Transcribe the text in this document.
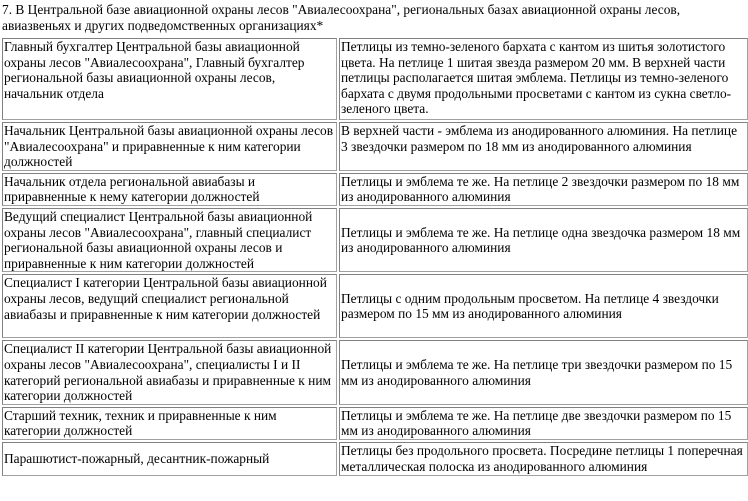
7. В Центральной базе авиационной охраны лесов "Авиалесоохрана", региональных базах авиационной охраны лесов, авиазвеньях и других подведомственных организациях*
Главный бухгалтер Центральной базы авиационной охраны лесов "Авиалесоохрана", Главный бухгалтер региональной базы авиационной охраны лесов, начальник отдела	Петлицы из темно-зеленого бархата с кантом из шитья золотистого цвета. На петлице 1 шитая звезда размером 20 мм. В верхней части петлицы располагается шитая эмблема. Петлицы из темно-зеленого бархата с двумя продольными просветами с кантом из сукна светло-зеленого цвета.
Начальник Центральной базы авиационной охраны лесов "Авиалесоохрана" и приравненные к ним категории должностей	В верхней части - эмблема из анодированного алюминия. На петлице 3 звездочки размером по 18 мм из анодированного алюминия
Начальник отдела региональной авиабазы и приравненные к нему категории должностей	Петлицы и эмблема те же. На петлице 2 звездочки размером по 18 мм из анодированного алюминия
Ведущий специалист Центральной базы авиационной охраны лесов "Авиалесоохрана", главный специалист региональной базы авиационной охраны лесов и приравненные к ним категории должностей	Петлицы и эмблема те же. На петлице одна звездочка размером 18 мм из анодированного алюминия
Специалист I категории Центральной базы авиационной охраны лесов, ведущий специалист региональной авиабазы и приравненные к ним категории должностей	Петлицы с одним продольным просветом. На петлице 4 звездочки размером по 15 мм из анодированного алюминия
Специалист II категории Центральной базы авиационной охраны лесов "Авиалесоохрана", специалисты I и II категорий региональной авиабазы и приравненные к ним категории должностей	Петлицы и эмблема те же. На петлице три звездочки размером по 15 мм из анодированного алюминия
Старший техник, техник и приравненные к ним категории должностей	Петлицы и эмблема те же. На петлице две звездочки размером по 15 мм из анодированного алюминия
Парашютист-пожарный, десантник-пожарный	Петлицы без продольного просвета. Посредине петлицы 1 поперечная металлическая полоска из анодированного алюминия
